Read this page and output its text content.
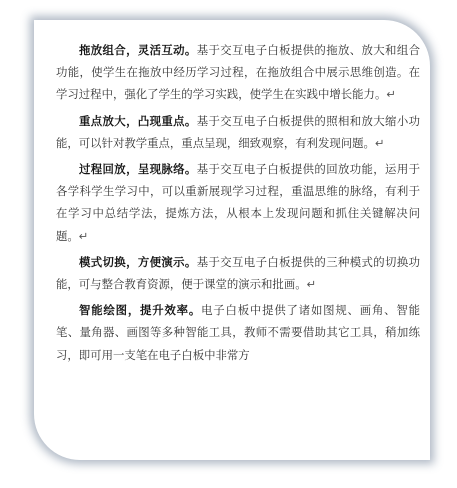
拖放组合，灵活互动。基于交互电子白板提供的拖放、放大和组合功能，使学生在拖放中经历学习过程，在拖放组合中展示思维创造。在学习过程中，强化了学生的学习实践，使学生在实践中增长能力。↵

重点放大，凸现重点。基于交互电子白板提供的照相和放大缩小功能，可以针对教学重点，重点呈现，细致观察，有利发现问题。↵

过程回放，呈现脉络。基于交互电子白板提供的回放功能，运用于各学科学生学习中，可以重新展现学习过程，重温思维的脉络，有利于在学习中总结学法，提炼方法，从根本上发现问题和抓住关键解决问题。↵

模式切换，方便演示。基于交互电子白板提供的三种模式的切换功能，可与整合教育资源，便于课堂的演示和批画。↵

智能绘图，提升效率。电子白板中提供了诸如图规、画角、智能笔、量角器、画图等多种智能工具，教师不需要借助其它工具，稍加练习，即可用一支笔在电子白板中非常方
